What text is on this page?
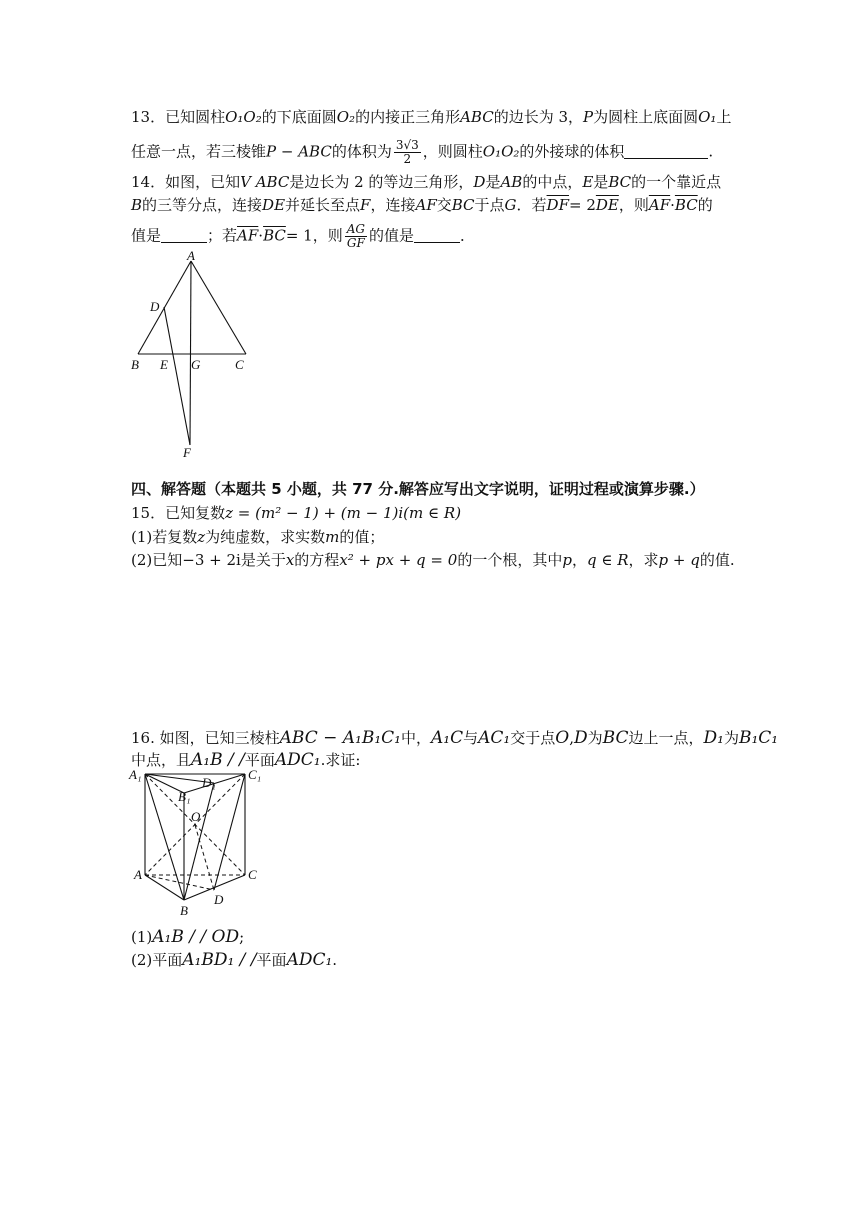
13．已知圆柱O₁O₂的下底面圆O₂的内接正三角形ABC的边长为 3，P为圆柱上底面圆O₁上
任意一点，若三棱锥P − ABC的体积为 $\frac{3√3}{2}$ ，则圆柱O₁O₂的外接球的体积	.
14．如图，已知V ABC是边长为 2 的等边三角形，D是AB的中点，E是BC的一个靠近点
B的三等分点，连接DE并延长至点F，连接AF交BC于点G．若$\overline{DF}= 2\overline{DE}$，则$\overline{AF}\cdot\overline{BC}$的
值是	；若$\overline{AF}\cdot\overline{BC}= 1$，则 $\frac{AG}{GF}$ 的值是	．
A
D
B E G	C
F
四、解答题（本题共 5 小题，共 77 分.解答应写出文字说明，证明过程或演算步骤.）
15．已知复数z = (m² − 1) + (m − 1)i(m ∈ R)
(1)若复数z为纯虚数，求实数m的值；
(2)已知−3 + 2i是关于x的方程x² + px + q = 0的一个根，其中p，q ∈ R，求p + q的值.
16. 如图，已知三棱柱ABC − A₁B₁C₁中，A₁C与AC₁交于点O,D为BC边上一点，D₁为B₁C₁
中点，且A₁B / /平面ADC₁.求证:
A₁
D₁
C₁
B₁
O
A	C
D
B
(1)A₁B / / OD;
(2)平面A₁BD₁ / /平面ADC₁.
